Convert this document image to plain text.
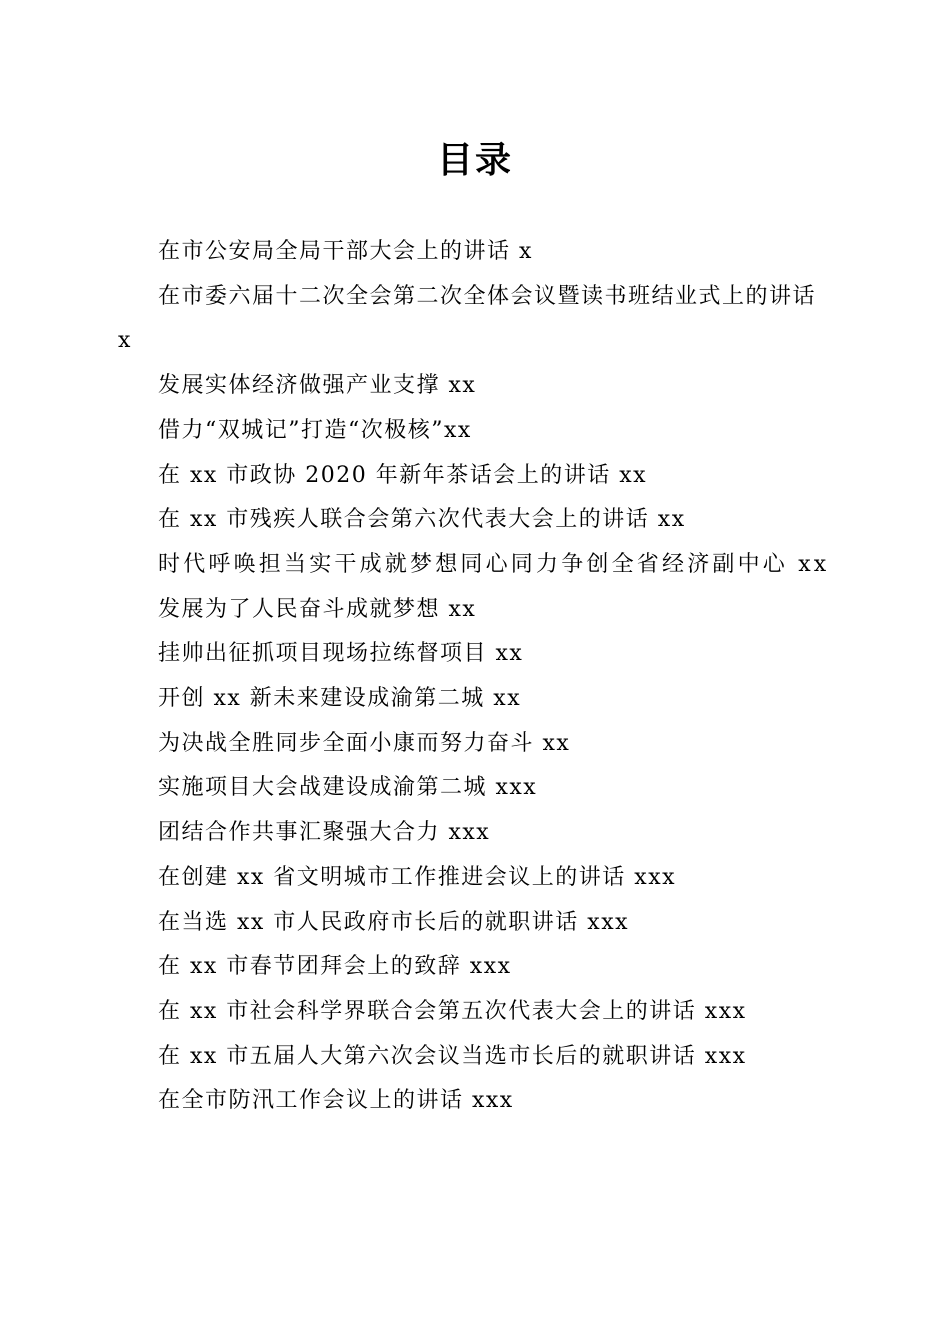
目录
在市公安局全局干部大会上的讲话 x
在市委六届十二次全会第二次全体会议暨读书班结业式上的讲话 x
发展实体经济做强产业支撑 xx
借力“双城记”打造“次极核”xx
在 xx 市政协 2020 年新年茶话会上的讲话 xx
在 xx 市残疾人联合会第六次代表大会上的讲话 xx
时代呼唤担当实干成就梦想同心同力争创全省经济副中心 xx
发展为了人民奋斗成就梦想 xx
挂帅出征抓项目现场拉练督项目 xx
开创 xx 新未来建设成渝第二城 xx
为决战全胜同步全面小康而努力奋斗 xx
实施项目大会战建设成渝第二城 xxx
团结合作共事汇聚强大合力 xxx
在创建 xx 省文明城市工作推进会议上的讲话 xxx
在当选 xx 市人民政府市长后的就职讲话 xxx
在 xx 市春节团拜会上的致辞 xxx
在 xx 市社会科学界联合会第五次代表大会上的讲话 xxx
在 xx 市五届人大第六次会议当选市长后的就职讲话 xxx
在全市防汛工作会议上的讲话 xxx
